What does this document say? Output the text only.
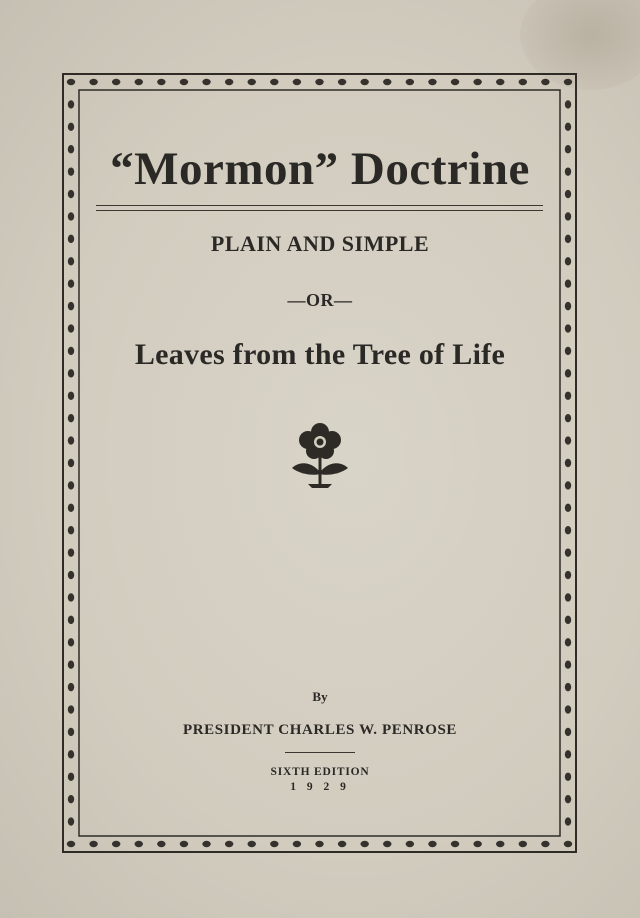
“Mormon” Doctrine
PLAIN AND SIMPLE
—OR—
Leaves from the Tree of Life
By
PRESIDENT CHARLES W. PENROSE
SIXTH EDITION
1 9 2 9
